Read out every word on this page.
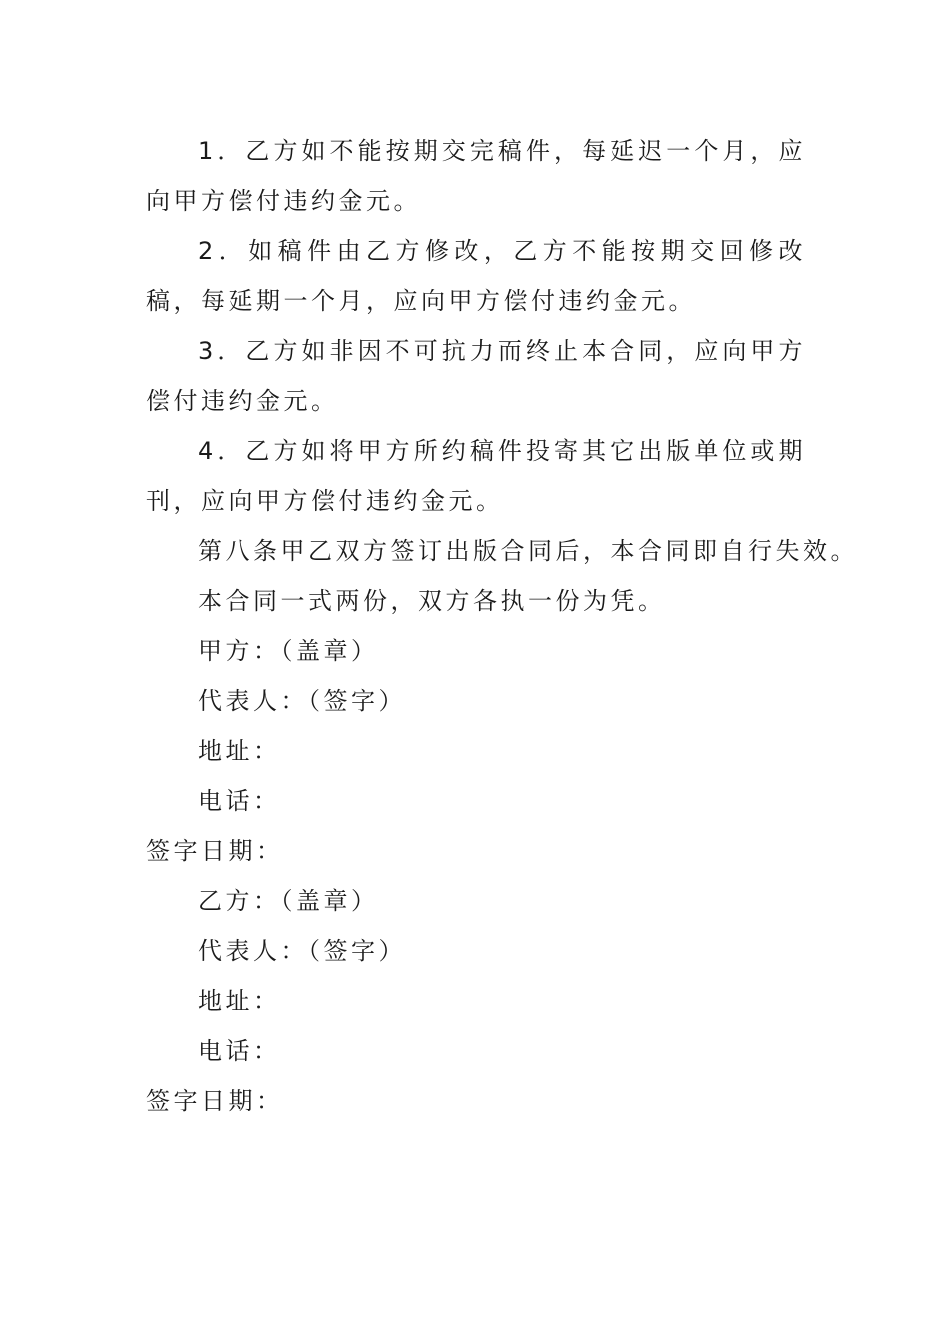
1．乙方如不能按期交完稿件，每延迟一个月，应向甲方偿付违约金元。

2．如稿件由乙方修改，乙方不能按期交回修改稿，每延期一个月，应向甲方偿付违约金元。

3．乙方如非因不可抗力而终止本合同，应向甲方偿付违约金元。

4．乙方如将甲方所约稿件投寄其它出版单位或期刊，应向甲方偿付违约金元。

第八条甲乙双方签订出版合同后，本合同即自行失效。

本合同一式两份，双方各执一份为凭。

甲方：（盖章）

代表人：（签字）

地址：

电话：

签字日期：

乙方：（盖章）

代表人：（签字）

地址：

电话：

签字日期：
